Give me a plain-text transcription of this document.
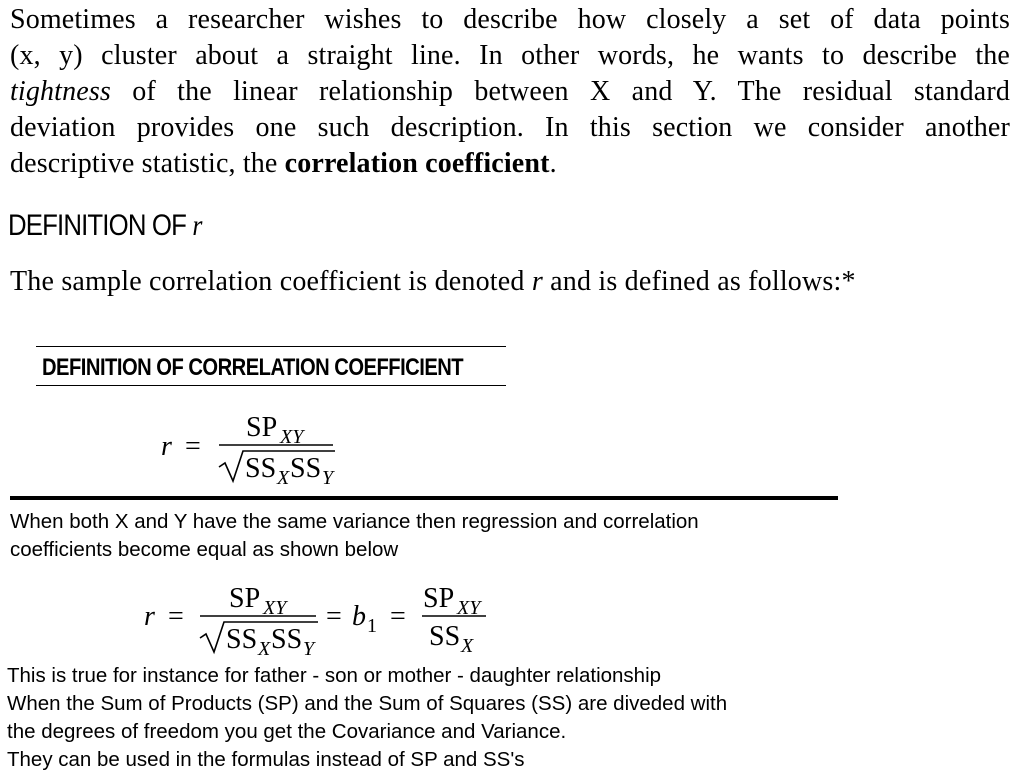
Sometimes a researcher wishes to describe how closely a set of data points
(x, y) cluster about a straight line. In other words, he wants to describe the
tightness of the linear relationship between X and Y. The residual standard
deviation provides one such description. In this section we consider another
descriptive statistic, the correlation coefficient.
DEFINITION OF r
The sample correlation coefficient is denoted r and is defined as follows:*
DEFINITION OF CORRELATION COEFFICIENT
r =
SP XY
SS X SS Y
When both X and Y have the same variance then regression and correlation
coefficients become equal as shown below
r =
SP XY
SS X SS Y
= b 1 =
SP XY
SS X
This is true for instance for father - son or mother - daughter relationship
When the Sum of Products (SP) and the Sum of Squares (SS) are diveded with
the degrees of freedom you get the Covariance and Variance.
They can be used in the formulas instead of SP and SS's
